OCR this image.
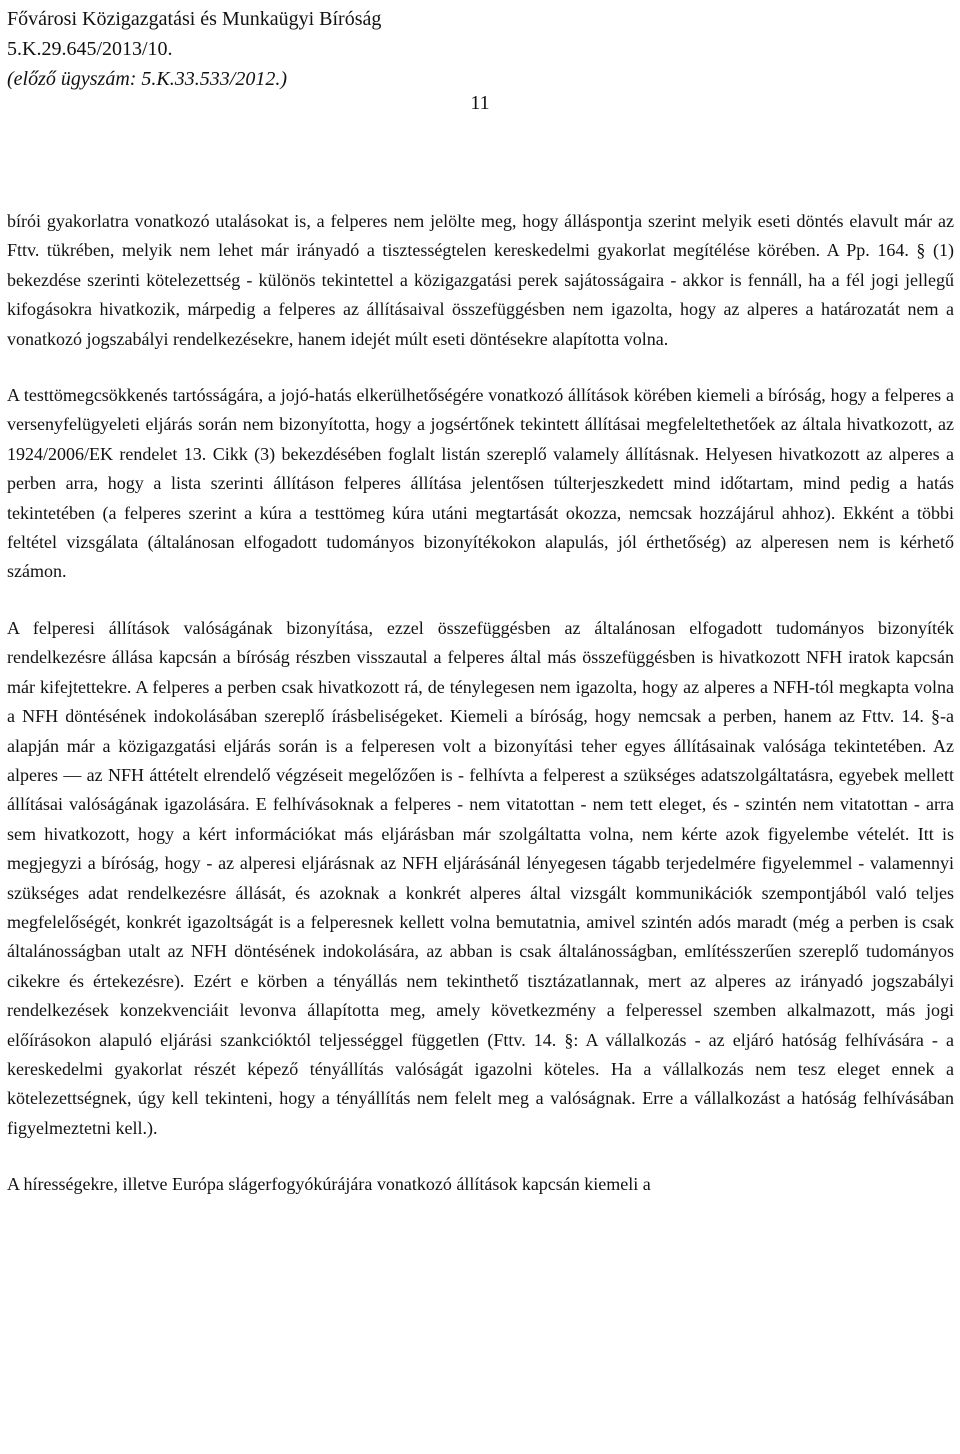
Fővárosi Közigazgatási és Munkaügyi Bíróság
5.K.29.645/2013/10.
(előző ügyszám: 5.K.33.533/2012.)
11

bírói gyakorlatra vonatkozó utalásokat is, a felperes nem jelölte meg, hogy álláspontja szerint melyik eseti döntés elavult már az Fttv. tükrében, melyik nem lehet már irányadó a tisztességtelen kereskedelmi gyakorlat megítélése körében. A Pp. 164. § (1) bekezdése szerinti kötelezettség - különös tekintettel a közigazgatási perek sajátosságaira - akkor is fennáll, ha a fél jogi jellegű kifogásokra hivatkozik, márpedig a felperes az állításaival összefüggésben nem igazolta, hogy az alperes a határozatát nem a vonatkozó jogszabályi rendelkezésekre, hanem idejét múlt eseti döntésekre alapította volna.

A testtömegcsökkenés tartósságára, a jojó-hatás elkerülhetőségére vonatkozó állítások körében kiemeli a bíróság, hogy a felperes a versenyfelügyeleti eljárás során nem bizonyította, hogy a jogsértőnek tekintett állításai megfeleltethetőek az általa hivatkozott, az 1924/2006/EK rendelet 13. Cikk (3) bekezdésében foglalt listán szereplő valamely állításnak. Helyesen hivatkozott az alperes a perben arra, hogy a lista szerinti állításon felperes állítása jelentősen túlterjeszkedett mind időtartam, mind pedig a hatás tekintetében (a felperes szerint a kúra a testtömeg kúra utáni megtartását okozza, nemcsak hozzájárul ahhoz). Ekként a többi feltétel vizsgálata (általánosan elfogadott tudományos bizonyítékokon alapulás, jól érthetőség) az alperesen nem is kérhető számon.

A felperesi állítások valóságának bizonyítása, ezzel összefüggésben az általánosan elfogadott tudományos bizonyíték rendelkezésre állása kapcsán a bíróság részben visszautal a felperes által más összefüggésben is hivatkozott NFH iratok kapcsán már kifejtettekre. A felperes a perben csak hivatkozott rá, de ténylegesen nem igazolta, hogy az alperes a NFH-tól megkapta volna a NFH döntésének indokolásában szereplő írásbeliségeket. Kiemeli a bíróság, hogy nemcsak a perben, hanem az Fttv. 14. §-a alapján már a közigazgatási eljárás során is a felperesen volt a bizonyítási teher egyes állításainak valósága tekintetében. Az alperes — az NFH áttételt elrendelő végzéseit megelőzően is - felhívta a felperest a szükséges adatszolgáltatásra, egyebek mellett állításai valóságának igazolására. E felhívásoknak a felperes - nem vitatottan - nem tett eleget, és - szintén nem vitatottan - arra sem hivatkozott, hogy a kért információkat más eljárásban már szolgáltatta volna, nem kérte azok figyelembe vételét. Itt is megjegyzi a bíróság, hogy - az alperesi eljárásnak az NFH eljárásánál lényegesen tágabb terjedelmére figyelemmel - valamennyi szükséges adat rendelkezésre állását, és azoknak a konkrét alperes által vizsgált kommunikációk szempontjából való teljes megfelelőségét, konkrét igazoltságát is a felperesnek kellett volna bemutatnia, amivel szintén adós maradt (még a perben is csak általánosságban utalt az NFH döntésének indokolására, az abban is csak általánosságban, említésszerűen szereplő tudományos cikekre és értekezésre). Ezért e körben a tényállás nem tekinthető tisztázatlannak, mert az alperes az irányadó jogszabályi rendelkezések konzekvenciáit levonva állapította meg, amely következmény a felperessel szemben alkalmazott, más jogi előírásokon alapuló eljárási szankcióktól teljességgel független (Fttv. 14. §: A vállalkozás - az eljáró hatóság felhívására - a kereskedelmi gyakorlat részét képező tényállítás valóságát igazolni köteles. Ha a vállalkozás nem tesz eleget ennek a kötelezettségnek, úgy kell tekinteni, hogy a tényállítás nem felelt meg a valóságnak. Erre a vállalkozást a hatóság felhívásában figyelmeztetni kell.).

A hírességekre, illetve Európa slágerfogyókúrájára vonatkozó állítások kapcsán kiemeli a
